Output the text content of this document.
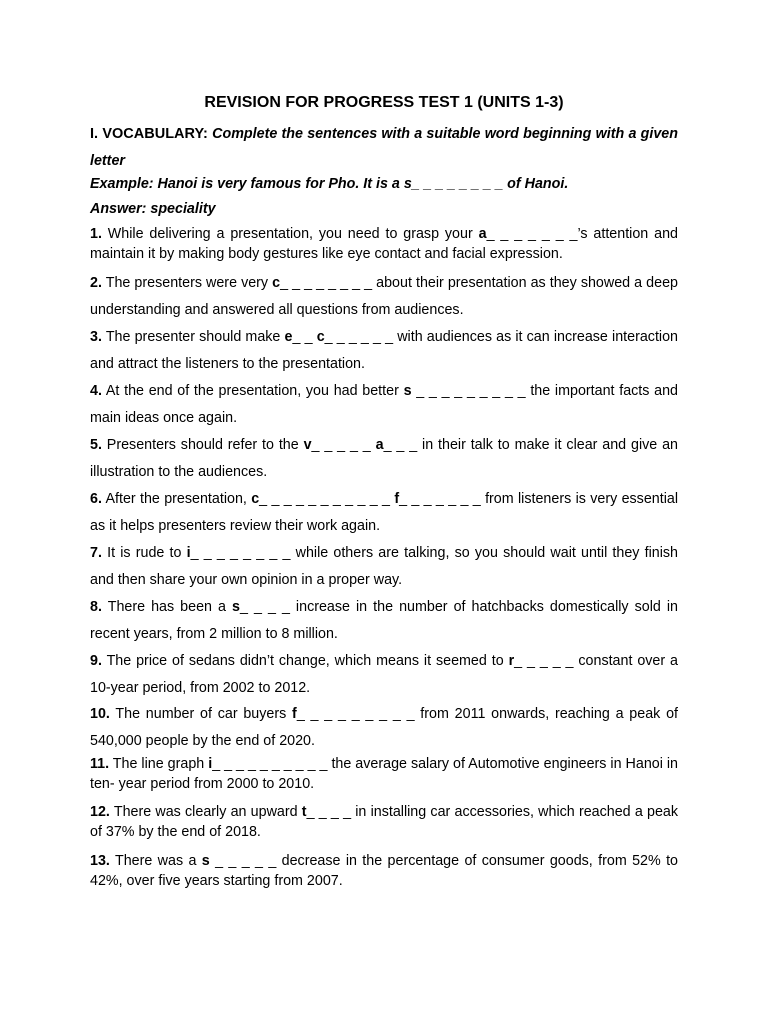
REVISION FOR PROGRESS TEST 1 (UNITS 1-3)

I. VOCABULARY: Complete the sentences with a suitable word beginning with a given letter

Example: Hanoi is very famous for Pho. It is a s_ _ _ _ _ _ _ _ of Hanoi.

Answer: speciality

1. While delivering a presentation, you need to grasp your a_ _ _ _ _ _ _’s attention and maintain it by making body gestures like eye contact and facial expression.

2. The presenters were very c_ _ _ _ _ _ _ _ about their presentation as they showed a deep understanding and answered all questions from audiences.

3. The presenter should make e_ _ c_ _ _ _ _ _ with audiences as it can increase interaction and attract the listeners to the presentation.

4. At the end of the presentation, you had better s _ _ _ _ _ _ _ _ _ the important facts and main ideas once again.

5. Presenters should refer to the v_ _ _ _ _ a_ _ _ in their talk to make it clear and give an illustration to the audiences.

6. After the presentation, c_ _ _ _ _ _ _ _ _ _ _ f_ _ _ _ _ _ _ from listeners is very essential as it helps presenters review their work again.

7. It is rude to i_ _ _ _ _ _ _ _ while others are talking, so you should wait until they finish and then share your own opinion in a proper way.

8. There has been a s_ _ _ _ increase in the number of hatchbacks domestically sold in recent years, from 2 million to 8 million.

9. The price of sedans didn’t change, which means it seemed to r_ _ _ _ _ constant over a 10-year period, from 2002 to 2012.

10. The number of car buyers f_ _ _ _ _ _ _ _ _ from 2011 onwards, reaching a peak of 540,000 people by the end of 2020.

11. The line graph i_ _ _ _ _ _ _ _ _ _ the average salary of Automotive engineers in Hanoi in ten- year period from 2000 to 2010.

12. There was clearly an upward t_ _ _ _ in installing car accessories, which reached a peak of 37% by the end of 2018.

13. There was a s _ _ _ _ _ decrease in the percentage of consumer goods, from 52% to 42%, over five years starting from 2007.
